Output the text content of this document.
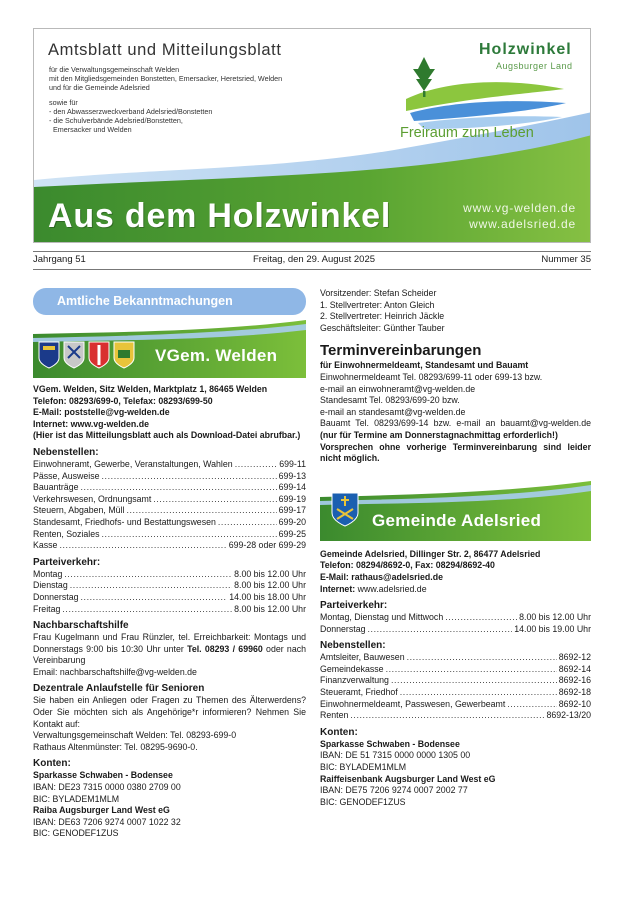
Amtsblatt und Mitteilungsblatt
für die Verwaltungsgemeinschaft Welden
mit den Mitgliedsgemeinden Bonstetten, Emersacker, Heretsried, Welden
und für die Gemeinde Adelsried
sowie für
- den Abwasserzweckverband Adelsried/Bonstetten
- die Schulverbände Adelsried/Bonstetten,
Emersacker und Welden
Holzwinkel
Augsburger Land
Freiraum zum Leben
Aus dem Holzwinkel	www.vg-welden.de
www.adelsried.de
Jahrgang 51	Freitag, den 29. August 2025	Nummer 35
Amtliche Bekanntmachungen
VGem. Welden
VGem. Welden, Sitz Welden, Marktplatz 1, 86465 Welden
Telefon: 08293/699-0, Telefax: 08293/699-50
E-Mail: poststelle@vg-welden.de
Internet: www.vg-welden.de
(Hier ist das Mitteilungsblatt auch als Download-Datei abrufbar.)
Nebenstellen:
Einwohneramt, Gewerbe, Veranstaltungen, Wahlen .....	699-11
Pässe, Ausweise .....	699-13
Bauanträge .....	699-14
Verkehrswesen, Ordnungsamt .....	699-19
Steuern, Abgaben, Müll .....	699-17
Standesamt, Friedhofs- und Bestattungswesen .....	699-20
Renten, Soziales .....	699-25
Kasse .....	699-28 oder 699-29
Parteiverkehr:
Montag .....	8.00 bis 12.00 Uhr
Dienstag .....	8.00 bis 12.00 Uhr
Donnerstag .....	14.00 bis 18.00 Uhr
Freitag .....	8.00 bis 12.00 Uhr
Nachbarschaftshilfe
Frau Kugelmann und Frau Rünzler, tel. Erreichbarkeit: Montags und Donnerstags 9:00 bis 10:30 Uhr unter Tel. 08293 / 69960 oder nach Vereinbarung
Email: nachbarschaftshilfe@vg-welden.de
Dezentrale Anlaufstelle für Senioren
Sie haben ein Anliegen oder Fragen zu Themen des Älterwerdens? Oder Sie möchten sich als Angehörige*r informieren? Nehmen Sie Kontakt auf:
Verwaltungsgemeinschaft Welden: Tel. 08293-699-0
Rathaus Altenmünster: Tel. 08295-9690-0.
Konten:
Sparkasse Schwaben - Bodensee
IBAN: DE23 7315 0000 0380 2709 00
BIC: BYLADEM1MLM
Raiba Augsburger Land West eG
IBAN: DE63 7206 9274 0007 1022 32
BIC: GENODEF1ZUS
Vorsitzender: Stefan Scheider
1. Stellvertreter: Anton Gleich
2. Stellvertreter: Heinrich Jäckle
Geschäftsleiter: Günther Tauber
Terminvereinbarungen
für Einwohnermeldeamt, Standesamt und Bauamt
Einwohnermeldeamt Tel. 08293/699-11 oder 699-13 bzw.
e-mail an einwohneramt@vg-welden.de
Standesamt Tel. 08293/699-20 bzw.
e-mail an standesamt@vg-welden.de
Bauamt Tel. 08293/699-14 bzw. e-mail an bauamt@vg-welden.de (nur für Termine am Donnerstagnachmittag erforderlich!)
Vorsprechen ohne vorherige Terminvereinbarung sind leider nicht möglich.
Gemeinde Adelsried
Gemeinde Adelsried, Dillinger Str. 2, 86477 Adelsried
Telefon: 08294/8692-0, Fax: 08294/8692-40
E-Mail: rathaus@adelsried.de
Internet: www.adelsried.de
Parteiverkehr:
Montag, Dienstag und Mittwoch .....	8.00 bis 12.00 Uhr
Donnerstag .....	14.00 bis 19.00 Uhr
Nebenstellen:
Amtsleiter, Bauwesen .....	8692-12
Gemeindekasse .....	8692-14
Finanzverwaltung .....	8692-16
Steueramt, Friedhof .....	8692-18
Einwohnermeldeamt, Passwesen, Gewerbeamt .....	8692-10
Renten .....	8692-13/20
Konten:
Sparkasse Schwaben - Bodensee
IBAN: DE 51 7315 0000 0000 1305 00
BIC: BYLADEM1MLM
Raiffeisenbank Augsburger Land West eG
IBAN: DE75 7206 9274 0007 2002 77
BIC: GENODEF1ZUS
